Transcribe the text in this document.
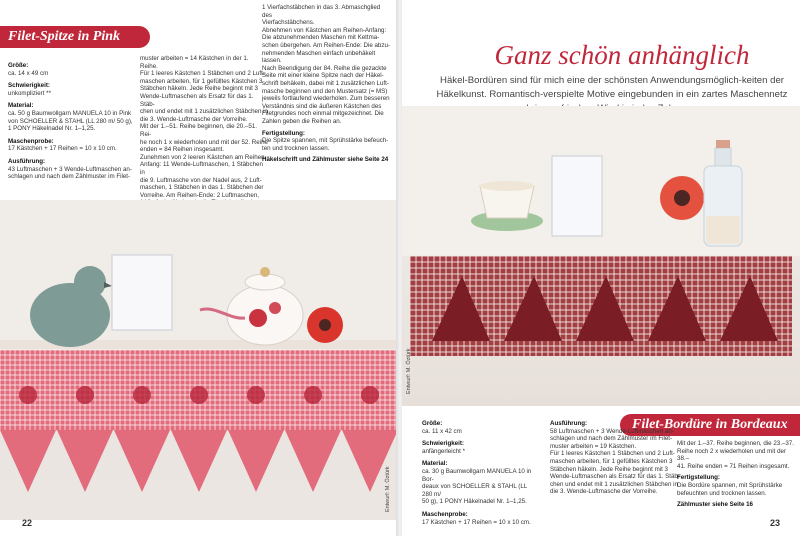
Filet-Spitze in Pink
Größe:
ca. 14 x 49 cm
Schwierigkeit:
unkompliziert **
Material:
ca. 50 g Baumwollgarn MANUELA 10 in Pink
von SCHOELLER & STAHL (LL 280 m/ 50 g),
1 PONY Häkelnadel Nr. 1–1,25.
Maschenprobe:
17 Kästchen + 17 Reihen = 10 x 10 cm.
Ausführung:
43 Luftmaschen + 3 Wende-Luftmaschen an-
schlagen und nach dem Zählmuster im Filet-
muster arbeiten = 14 Kästchen in der 1. Reihe.
Für 1 leeres Kästchen 1 Stäbchen und 2 Luft-
maschen arbeiten, für 1 gefülltes Kästchen 3
Stäbchen häkeln. Jede Reihe beginnt mit 3
Wende-Luftmaschen als Ersatz für das 1. Stäb-
chen und endet mit 1 zusätzlichen Stäbchen in
die 3. Wende-Luftmasche der Vorreihe.
Mit der 1.–51. Reihe beginnen, die 20.–51. Rei-
he noch 1 x wiederholen und mit der 52. Reihe
enden = 84 Reihen insgesamt.
Zunehmen von 2 leeren Kästchen am Reihen-
Anfang: 11 Wende-Luftmaschen, 1 Stäbchen in
die 9. Luftmasche von der Nadel aus, 2 Luft-
maschen, 1 Stäbchen in das 1. Stäbchen der
Vorreihe. Am Reihen-Ende: 2 Luftmaschen,
1 Vierfachstäbchen in das 3. Abmaschglied des
Vierfachstäbchens.
Abnehmen von Kästchen am Reihen-Anfang:
Die abzunehmenden Maschen mit Kettma-
schen übergehen. Am Reihen-Ende: Die abzu-
nehmenden Maschen einfach unbehäkelt
lassen.
Nach Beendigung der 84. Reihe die gezackte
Seite mit einer kleine Spitze nach der Häkel-
schrift behäkeln, dabei mit 1 zusätzlichen Luft-
masche beginnen und den Mustersatz (= MS)
jeweils fortlaufend wiederholen. Zum besseren
Verständnis sind die äußeren Kästchen des
Filetgrundes noch einmal mitgezeichnet. Die
Zahlen geben die Reihen an.
Fertigstellung:
Die Spitze spannen, mit Sprühstärke befeuch-
ten und trocknen lassen.
Häkelschrift und Zählmuster siehe Seite 24
Entwurf: M. Öztürk
22
Ganz schön anhänglich
Häkel-Bordüren sind für mich eine der schönsten Anwendungsmöglich-keiten der Häkelkunst. Romantisch-verspielte Motive eingebunden in ein zartes Maschennetz
Filet-Bordüre in Bordeaux
Größe:
ca. 11 x 42 cm
Schwierigkeit:
anfängerleicht *
Material:
ca. 30 g Baumwollgarn MANUELA 10 in Bor-
deaux von SCHOELLER & STAHL (LL 280 m/
50 g), 1 PONY Häkelnadel Nr. 1–1,25.
Maschenprobe:
17 Kästchen + 17 Reihen = 10 x 10 cm.
Ausführung:
58 Luftmaschen + 3 Wende-Luftmaschen an-
schlagen und nach dem Zählmuster im Filet-
muster arbeiten = 19 Kästchen.
Für 1 leeres Kästchen 1 Stäbchen und 2 Luft-
maschen arbeiten, für 1 gefülltes Kästchen 3
Stäbchen häkeln. Jede Reihe beginnt mit 3
Wende-Luftmaschen als Ersatz für das 1. Stäb-
chen und endet mit 1 zusätzlichen Stäbchen in
die 3. Wende-Luftmasche der Vorreihe.
Mit der 1.–37. Reihe beginnen, die 23.–37.
Reihe noch 2 x wiederholen und mit der 38.–
41. Reihe enden = 71 Reihen insgesamt.
Fertigstellung:
Die Bordüre spannen, mit Sprühstärke
befeuchten und trocknen lassen.
Zählmuster siehe Seite 16
Entwurf: M. Öztürk
23
